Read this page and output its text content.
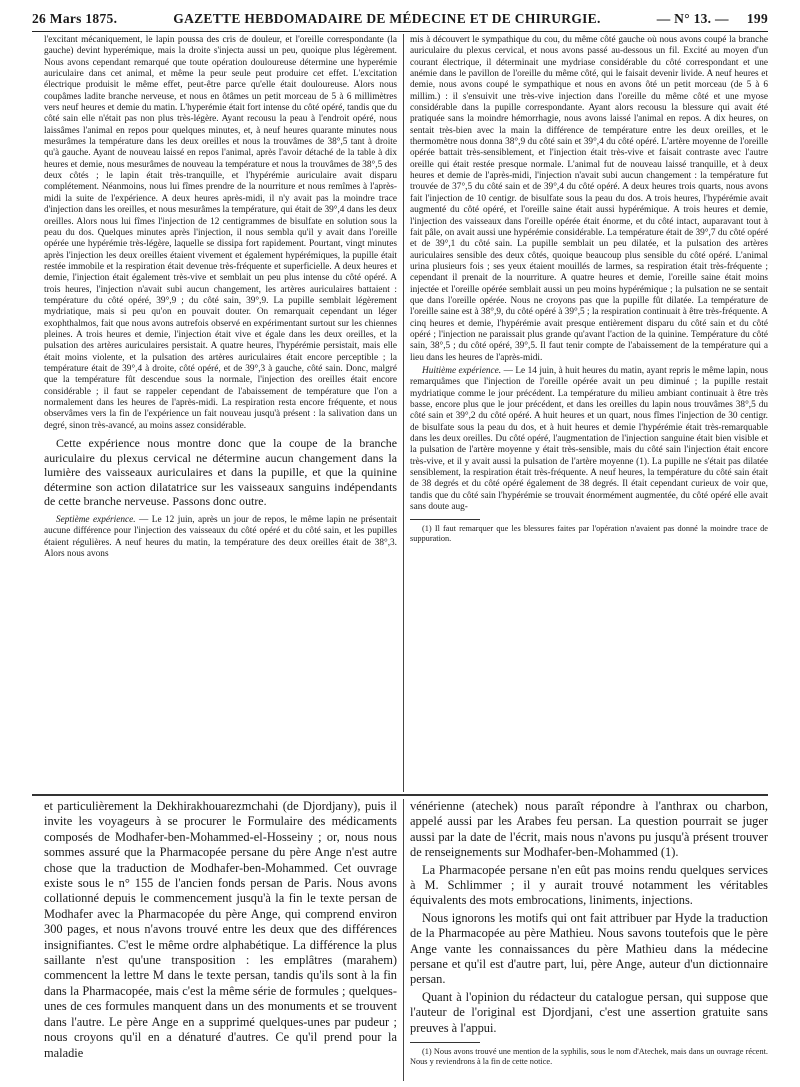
26 Mars 1875.	GAZETTE HEBDOMADAIRE DE MÉDECINE ET DE CHIRURGIE.	— N° 13. — 199

l'excitant mécaniquement, le lapin poussa des cris de douleur, et l'oreille correspondante (la gauche) devint hyperémique, mais la droite s'injecta aussi un peu, quoique plus légèrement. Nous avons cependant remarqué que toute opération douloureuse détermine une hyperémie auriculaire dans cet animal, et même la peur seule peut produire cet effet. L'excitation électrique produisit le même effet, peut-être parce qu'elle était douloureuse. Alors nous coupâmes ladite branche nerveuse, et nous en ôtâmes un petit morceau de 5 à 6 millimètres vers neuf heures et demie du matin. L'hyperémie était fort intense du côté opéré, tandis que du côté sain elle n'était pas non plus très-légère. Ayant recousu la peau à l'endroit opéré, nous laissâmes l'animal en repos pour quelques minutes, et, à neuf heures quarante minutes nous mesurâmes la température dans les deux oreilles et nous la trouvâmes de 38°,5 tant à droite qu'à gauche. Ayant de nouveau laissé en repos l'animal, après l'avoir détaché de la table à dix heures et demie, nous mesurâmes de nouveau la température et nous la trouvâmes de 38°,5 des deux côtés ; le lapin était très-tranquille, et l'hypérémie auriculaire avait disparu complétement. Néanmoins, nous lui fîmes prendre de la nourriture et nous remîmes à l'après-midi la suite de l'expérience. A deux heures après-midi, il n'y avait pas la moindre trace d'injection dans les oreilles, et nous mesurâmes la température, qui était de 39°,4 dans les deux oreilles. Alors nous lui fîmes l'injection de 12 centigrammes de bisulfate en solution sous la peau du dos. Quelques minutes après l'injection, il nous sembla qu'il y avait dans l'oreille opérée une hypérémie très-légère, laquelle se dissipa fort rapidement. Pourtant, vingt minutes après l'injection les deux oreilles étaient vivement et également hypérémiques, la pupille était restée immobile et la respiration était devenue très-fréquente et superficielle. A deux heures et demie, l'injection était également très-vive et semblait un peu plus intense du côté opéré. A trois heures, l'injection n'avait subi aucun changement, les artères auriculaires battaient : température du côté opéré, 39°,9 ; du côté sain, 39°,9. La pupille semblait légèrement mydriatique, mais si peu qu'on en pouvait douter. On remarquait cependant un léger exophthalmos, fait que nous avons autrefois observé en expérimentant surtout sur les chiennes pleines. A trois heures et demie, l'injection était vive et égale dans les deux oreilles, et la pulsation des artères auriculaires persistait. A quatre heures, l'hypérémie persistait, mais elle était moins violente, et la pulsation des artères auriculaires était encore perceptible ; la température était de 39°,4 à droite, côté opéré, et de 39°,3 à gauche, côté sain. Donc, malgré que la température fût descendue sous la normale, l'injection des oreilles était encore considérable ; il faut se rappeler cependant de l'abaissement de température que l'on a normalement dans les heures de l'après-midi. La respiration resta encore fréquente, et nous observâmes vers la fin de l'expérience un fait nouveau jusqu'à présent : la salivation dans un degré, sinon très-avancé, au moins assez considérable.

Cette expérience nous montre donc que la coupe de la branche auriculaire du plexus cervical ne détermine aucun changement dans la lumière des vaisseaux auriculaires et dans la pupille, et que la quinine détermine son action dilatatrice sur les vaisseaux sanguins indépendants de cette branche nerveuse. Passons donc outre.

Septième expérience. — Le 12 juin, après un jour de repos, le même lapin ne présentait aucune différence pour l'injection des vaisseaux du côté opéré et du côté sain, et les pupilles étaient régulières. A neuf heures du matin, la température des deux oreilles était de 38°,3. Alors nous avons

mis à découvert le sympathique du cou, du même côté gauche où nous avons coupé la branche auriculaire du plexus cervical, et nous avons passé au-dessous un fil. Excité au moyen d'un courant électrique, il déterminait une mydriase considérable du côté correspondant et une anémie dans le pavillon de l'oreille du même côté, qui le faisait devenir livide. A neuf heures et demie, nous avons coupé le sympathique et nous en avons ôté un petit morceau (de 5 à 6 millim.) : il s'ensuivit une très-vive injection dans l'oreille du même côté et une myose considérable dans la pupille correspondante. Ayant alors recousu la blessure qui avait été pratiquée sans la moindre hémorrhagie, nous avons laissé l'animal en repos. A dix heures, on sentait très-bien avec la main la différence de température entre les deux oreilles, et le thermomètre nous donna 38°,9 du côté sain et 39°,4 du côté opéré. L'artère moyenne de l'oreille opérée battait très-sensiblement, et l'injection était très-vive et faisait contraste avec l'autre oreille qui était restée presque normale. L'animal fut de nouveau laissé tranquille, et à deux heures et demie de l'après-midi, l'injection n'avait subi aucun changement : la température fut trouvée de 37°,5 du côté sain et de 39°,4 du côté opéré. A deux heures trois quarts, nous avons fait l'injection de 10 centigr. de bisulfate sous la peau du dos. A trois heures, l'hypérémie avait augmenté du côté opéré, et l'oreille saine était aussi hypérémique. A trois heures et demie, l'injection des vaisseaux dans l'oreille opérée était énorme, et du côté intact, auparavant tout à fait pâle, on avait aussi une hypérémie considérable. La température était de 39°,7 du côté opéré et de 39°,1 du côté sain. La pupille semblait un peu dilatée, et la pulsation des artères auriculaires sensible des deux côtés, quoique beaucoup plus sensible du côté opéré. L'animal urina plusieurs fois ; ses yeux étaient mouillés de larmes, sa respiration était très-fréquente ; cependant il prenait de la nourriture. A quatre heures et demie, l'oreille saine était moins injectée et l'oreille opérée semblait aussi un peu moins hypérémique ; la pulsation ne se sentait que dans l'oreille opérée. Nous ne croyons pas que la pupille fût dilatée. La température de l'oreille saine est à 38°,9, du côté opéré à 39°,5 ; la respiration continuait à être très-fréquente. A cinq heures et demie, l'hypérémie avait presque entièrement disparu du côté sain et du côté opéré ; l'injection ne paraissait plus grande qu'avant l'action de la quinine. Température du côté sain, 38°,5 ; du côté opéré, 39°,5. Il faut tenir compte de l'abaissement de la température qui a lieu dans les heures de l'après-midi.

Huitième expérience. — Le 14 juin, à huit heures du matin, ayant repris le même lapin, nous remarquâmes que l'injection de l'oreille opérée avait un peu diminué ; la pupille restait mydriatique comme le jour précédent. La température du milieu ambiant continuait à être très basse, encore plus que le jour précédent, et dans les oreilles du lapin nous trouvâmes 38°,5 du côté sain et 39°,2 du côté opéré. A huit heures et un quart, nous fîmes l'injection de 30 centigr. de bisulfate sous la peau du dos, et à huit heures et demie l'hypérémie était très-remarquable dans les deux oreilles. Du côté opéré, l'augmentation de l'injection sanguine était bien visible et la pulsation de l'artère moyenne y était très-sensible, mais du côté sain l'injection était encore très-vive, et il y avait aussi la pulsation de l'artère moyenne (1). La pupille ne s'était pas dilatée sensiblement, la respiration était très-fréquente. A neuf heures, la température du côté sain était de 38 degrés et du côté opéré également de 38 degrés. Il était cependant curieux de voir que, tandis que du côté sain l'hypérémie se trouvait énormément augmentée, du côté opéré elle avait sans doute aug-

(1) Il faut remarquer que les blessures faites par l'opération n'avaient pas donné la moindre trace de suppuration.

et particulièrement la Dekhirakhouarezmchahi (de Djordjany), puis il invite les voyageurs à se procurer le Formulaire des médicaments composés de Modhafer-ben-Mohammed-el-Hosseiny ; or, nous nous sommes assuré que la Pharmacopée persane du père Ange n'est autre chose que la traduction de Modhafer-ben-Mohammed. Cet ouvrage existe sous le n° 155 de l'ancien fonds persan de Paris. Nous avons collationné depuis le commencement jusqu'à la fin le texte persan de Modhafer avec la Pharmacopée du père Ange, qui comprend environ 300 pages, et nous n'avons trouvé entre les deux que des différences insignifiantes. C'est le même ordre alphabétique. La différence la plus saillante n'est qu'une transposition : les emplâtres (marahem) commencent la lettre M dans le texte persan, tandis qu'ils sont à la fin dans la Pharmacopée, mais c'est la même série de formules ; quelques-unes de ces formules manquent dans un des monuments et se trouvent dans l'autre. Le père Ange en a supprimé quelques-unes par pudeur ; nous croyons qu'il en a dénaturé d'autres. Ce qu'il prend pour la maladie

vénérienne (atechek) nous paraît répondre à l'anthrax ou charbon, appelé aussi par les Arabes feu persan. La question pourrait se juger aussi par la date de l'écrit, mais nous n'avons pu jusqu'à présent trouver de renseignements sur Modhafer-ben-Mohammed (1).

La Pharmacopée persane n'en eût pas moins rendu quelques services à M. Schlimmer ; il y aurait trouvé notamment les véritables équivalents des mots embrocations, liniments, injections.

Nous ignorons les motifs qui ont fait attribuer par Hyde la traduction de la Pharmacopée au père Mathieu. Nous savons toutefois que le père Ange vante les connaissances du père Mathieu dans la médecine persane et qu'il est d'autre part, lui, père Ange, auteur d'un dictionnaire persan.

Quant à l'opinion du rédacteur du catalogue persan, qui suppose que l'auteur de l'original est Djordjani, c'est une assertion gratuite sans preuves à l'appui.

(1) Nous avons trouvé une mention de la syphilis, sous le nom d'Atechek, mais dans un ouvrage récent. Nous y reviendrons à la fin de cette notice.
